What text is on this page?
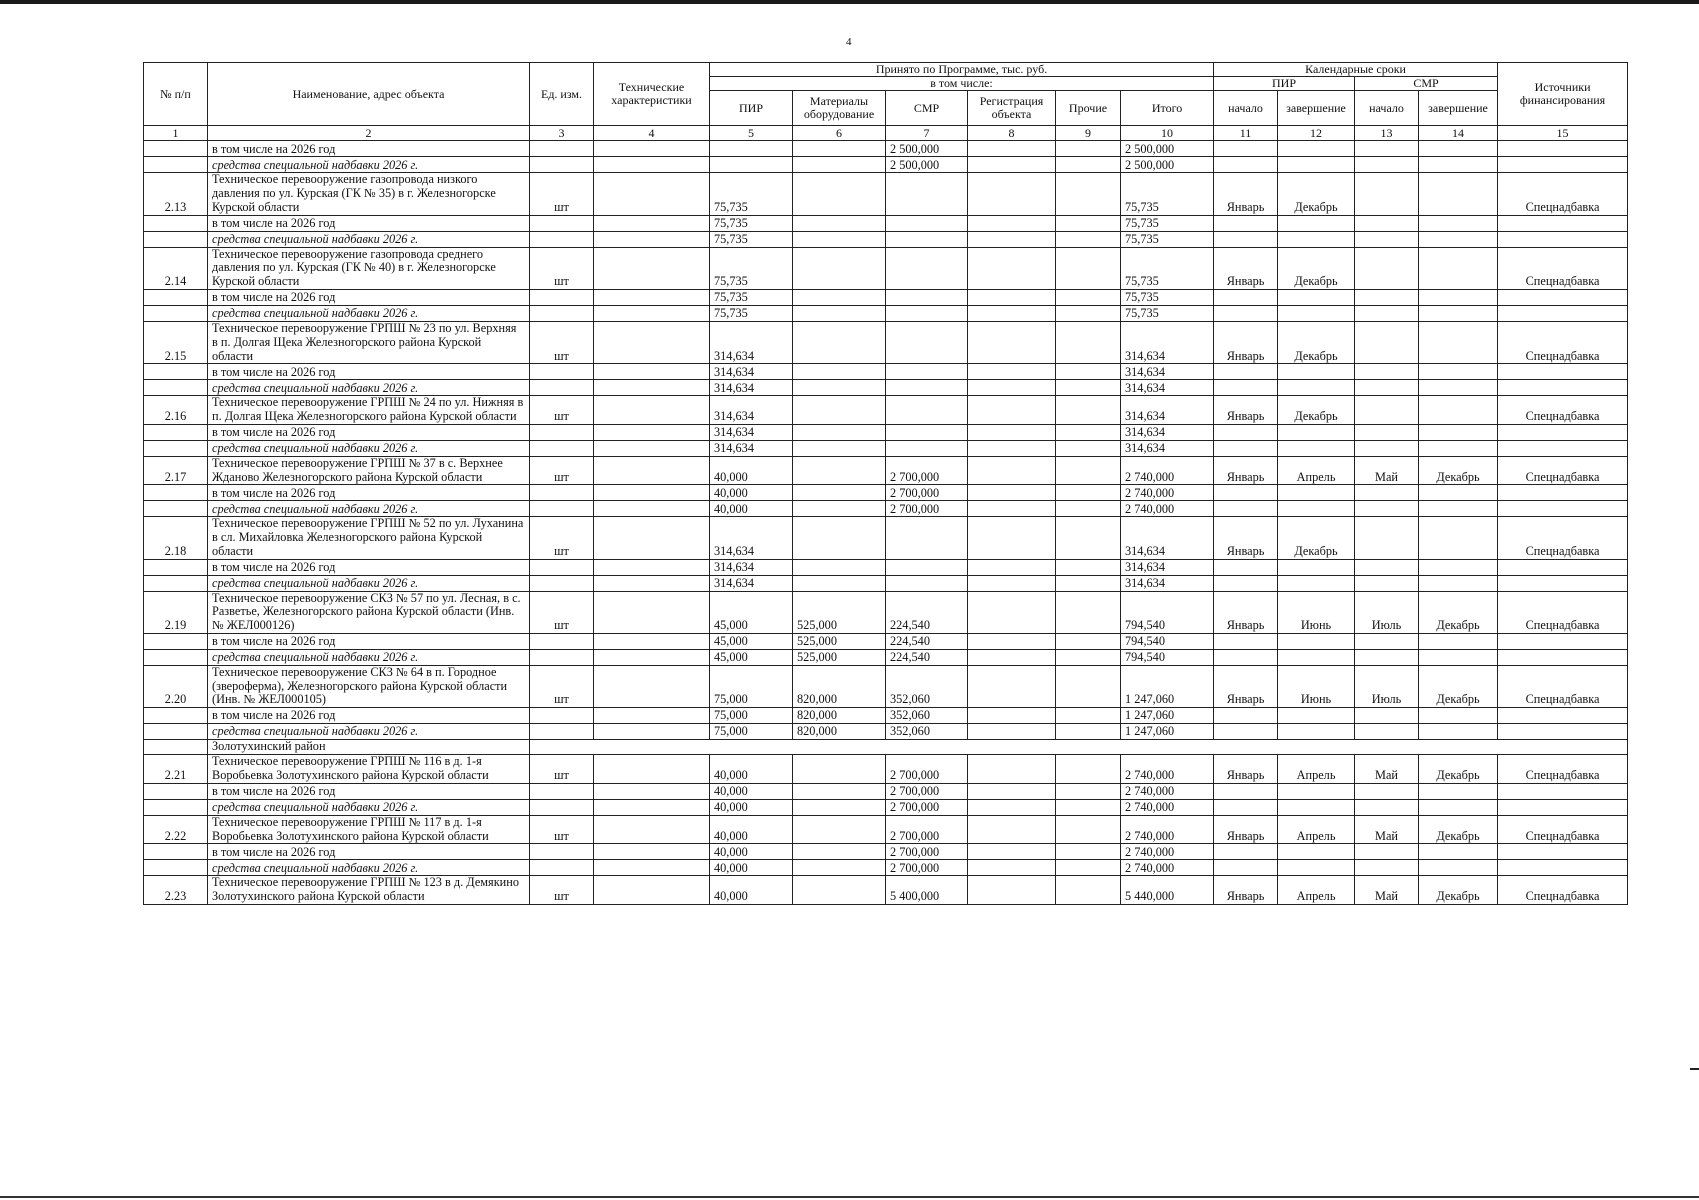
4
№ п/п	Наименование, адрес объекта	Ед. изм.	Технические характеристики	Принято по Программе, тыс. руб.						Календарные сроки				Источники финансирования
				в том числе:						ПИР		СМР		
				ПИР	Материалы оборудование	СМР	Регистрация объекта	Прочие	Итого					
										начало	завершение	начало	завершение	
1	2	3	4	5	6	7	8	9	10	11	12	13	14	15
	в том числе на 2026 год					2 500,000			2 500,000					
	средства специальной надбавки 2026 г.					2 500,000			2 500,000					
2.13	Техническое перевооружение газопровода низкого давления по ул. Курская (ГК № 35) в г. Железногорске Курской области	шт		75,735					75,735	Январь	Декабрь			Спецнадбавка
	в том числе на 2026 год			75,735					75,735					
	средства специальной надбавки 2026 г.			75,735					75,735					
2.14	Техническое перевооружение газопровода среднего давления по ул. Курская (ГК № 40) в г. Железногорске Курской области	шт		75,735					75,735	Январь	Декабрь			Спецнадбавка
	в том числе на 2026 год			75,735					75,735					
	средства специальной надбавки 2026 г.			75,735					75,735					
2.15	Техническое перевооружение ГРПШ № 23 по ул. Верхняя в п. Долгая Щека Железногорского района Курской области	шт		314,634					314,634	Январь	Декабрь			Спецнадбавка
	в том числе на 2026 год			314,634					314,634					
	средства специальной надбавки 2026 г.			314,634					314,634					
2.16	Техническое перевооружение ГРПШ № 24 по ул. Нижняя в п. Долгая Щека Железногорского района Курской области	шт		314,634					314,634	Январь	Декабрь			Спецнадбавка
	в том числе на 2026 год			314,634					314,634					
	средства специальной надбавки 2026 г.			314,634					314,634					
2.17	Техническое перевооружение ГРПШ № 37 в с. Верхнее Жданово Железногорского района Курской области	шт		40,000		2 700,000			2 740,000	Январь	Апрель	Май	Декабрь	Спецнадбавка
	в том числе на 2026 год			40,000		2 700,000			2 740,000					
	средства специальной надбавки 2026 г.			40,000		2 700,000			2 740,000					
2.18	Техническое перевооружение ГРПШ № 52 по ул. Луханина в сл. Михайловка Железногорского района Курской области	шт		314,634					314,634	Январь	Декабрь			Спецнадбавка
	в том числе на 2026 год			314,634					314,634					
	средства специальной надбавки 2026 г.			314,634					314,634					
2.19	Техническое перевооружение СКЗ № 57 по ул. Лесная, в с. Разветье, Железногорского района Курской области (Инв. № ЖЕЛ000126)	шт		45,000	525,000	224,540			794,540	Январь	Июнь	Июль	Декабрь	Спецнадбавка
	в том числе на 2026 год			45,000	525,000	224,540			794,540					
	средства специальной надбавки 2026 г.			45,000	525,000	224,540			794,540					
2.20	Техническое перевооружение СКЗ № 64 в п. Городное (звероферма), Железногорского района Курской области (Инв. № ЖЕЛ000105)	шт		75,000	820,000	352,060			1 247,060	Январь	Июнь	Июль	Декабрь	Спецнадбавка
	в том числе на 2026 год			75,000	820,000	352,060			1 247,060					
	средства специальной надбавки 2026 г.			75,000	820,000	352,060			1 247,060					
	Золотухинский район													
2.21	Техническое перевооружение ГРПШ № 116 в д. 1-я Воробьевка Золотухинского района Курской области	шт		40,000		2 700,000			2 740,000	Январь	Апрель	Май	Декабрь	Спецнадбавка
	в том числе на 2026 год			40,000		2 700,000			2 740,000					
	средства специальной надбавки 2026 г.			40,000		2 700,000			2 740,000					
2.22	Техническое перевооружение ГРПШ № 117 в д. 1-я Воробьевка Золотухинского района Курской области	шт		40,000		2 700,000			2 740,000	Январь	Апрель	Май	Декабрь	Спецнадбавка
	в том числе на 2026 год			40,000		2 700,000			2 740,000					
	средства специальной надбавки 2026 г.			40,000		2 700,000			2 740,000					
2.23	Техническое перевооружение ГРПШ № 123 в д. Демякино Золотухинского района Курской области	шт		40,000		5 400,000			5 440,000	Январь	Апрель	Май	Декабрь	Спецнадбавка
